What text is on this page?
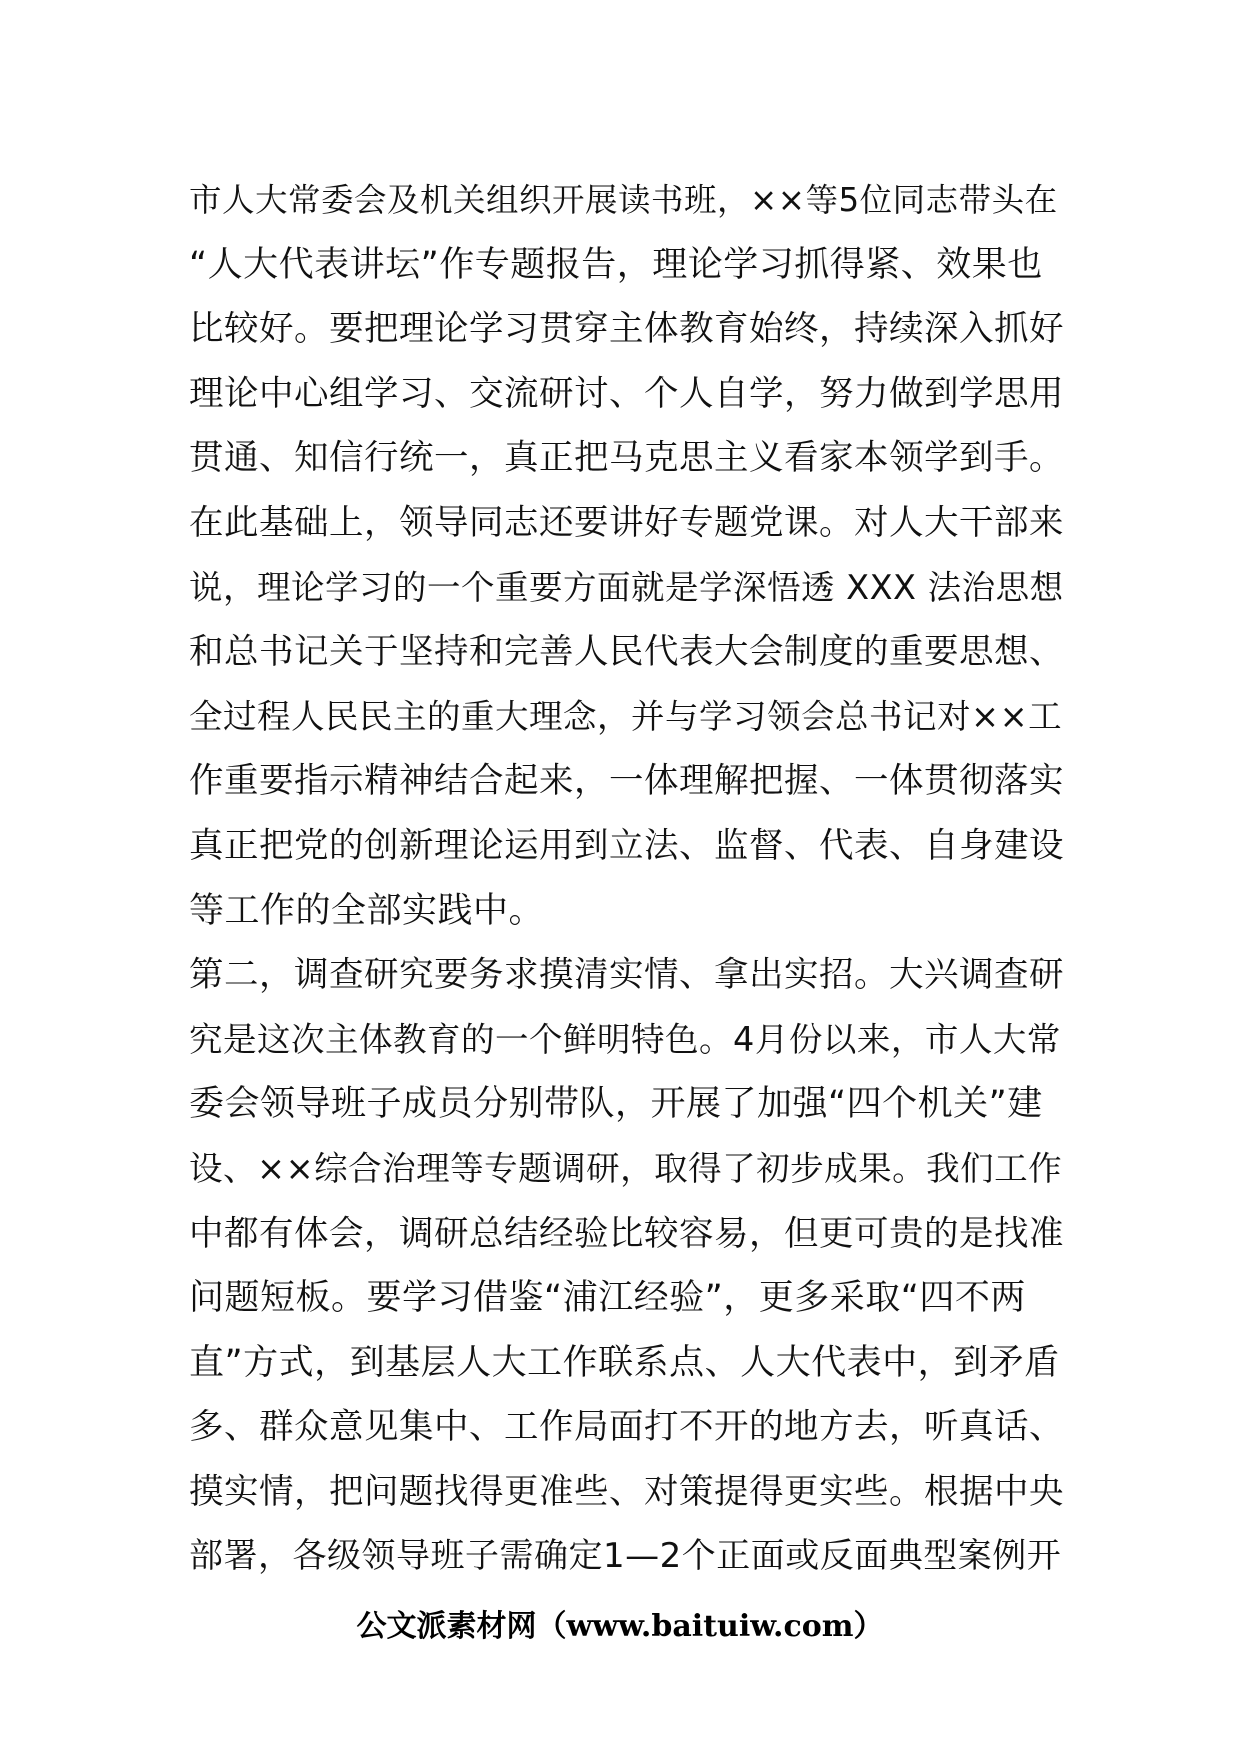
市人大常委会及机关组织开展读书班，××等5位同志带头在
“人大代表讲坛”作专题报告，理论学习抓得紧、效果也
比较好。要把理论学习贯穿主体教育始终，持续深入抓好
理论中心组学习、交流研讨、个人自学，努力做到学思用
贯通、知信行统一，真正把马克思主义看家本领学到手。
在此基础上，领导同志还要讲好专题党课。对人大干部来
说，理论学习的一个重要方面就是学深悟透 XXX 法治思想
和总书记关于坚持和完善人民代表大会制度的重要思想、
全过程人民民主的重大理念，并与学习领会总书记对××工
作重要指示精神结合起来，一体理解把握、一体贯彻落实
真正把党的创新理论运用到立法、监督、代表、自身建设
等工作的全部实践中。
第二，调查研究要务求摸清实情、拿出实招。大兴调查研
究是这次主体教育的一个鲜明特色。4月份以来，市人大常
委会领导班子成员分别带队，开展了加强“四个机关”建
设、××综合治理等专题调研，取得了初步成果。我们工作
中都有体会，调研总结经验比较容易，但更可贵的是找准
问题短板。要学习借鉴“浦江经验”，更多采取“四不两
直”方式，到基层人大工作联系点、人大代表中，到矛盾
多、群众意见集中、工作局面打不开的地方去，听真话、
摸实情，把问题找得更准些、对策提得更实些。根据中央
部署，各级领导班子需确定1—2个正面或反面典型案例开
公文派素材网（www.baituiw.com）
